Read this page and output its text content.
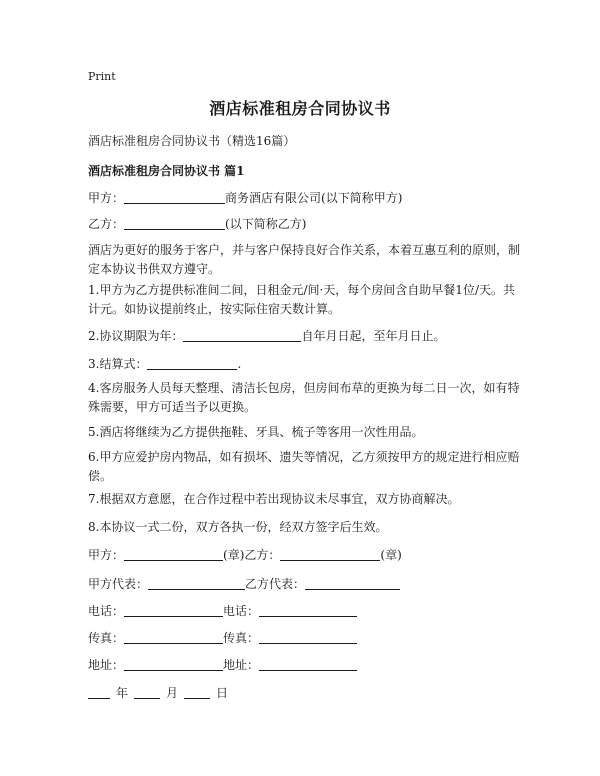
Print
酒店标准租房合同协议书
酒店标准租房合同协议书（精选16篇）
酒店标准租房合同协议书 篇1
甲方：	商务酒店有限公司(以下简称甲方)
乙方：	(以下简称乙方)
酒店为更好的服务于客户，并与客户保持良好合作关系，本着互惠互利的原则，制定本协议书供双方遵守。
1.甲方为乙方提供标准间二间，日租金元/间·天，每个房间含自助早餐1位/天。共计元。如协议提前终止，按实际住宿天数计算。
2.协议期限为年：	自年月日起，至年月日止。
3.结算式：	.
4.客房服务人员每天整理、清洁长包房，但房间布草的更换为每二日一次，如有特殊需要，甲方可适当予以更换。
5.酒店将继续为乙方提供拖鞋、牙具、梳子等客用一次性用品。
6.甲方应爱护房内物品，如有损坏、遗失等情况，乙方须按甲方的规定进行相应赔偿。
7.根据双方意愿，在合作过程中若出现协议未尽事宜，双方协商解决。
8.本协议一式二份，双方各执一份，经双方签字后生效。
甲方：	(章)乙方：	(章)
甲方代表：	乙方代表：
电话：	电话：
传真：	传真：
地址：	地址：
年	月	日
